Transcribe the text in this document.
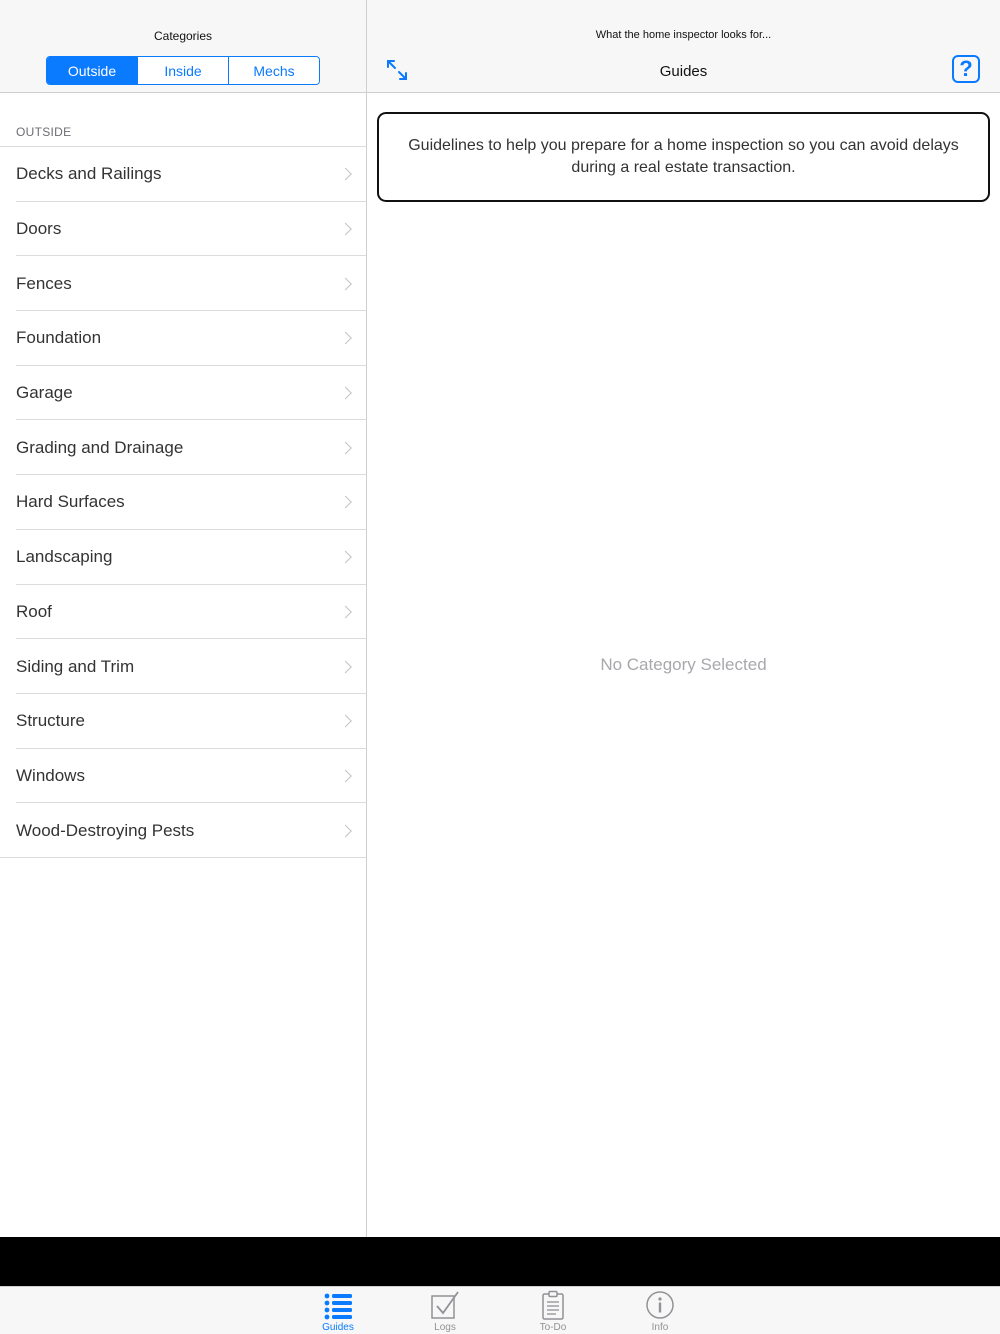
Categories
Outside	Inside	Mechs
OUTSIDE
Decks and Railings
Doors
Fences
Foundation
Garage
Grading and Drainage
Hard Surfaces
Landscaping
Roof
Siding and Trim
Structure
Windows
Wood-Destroying Pests
What the home inspector looks for...
Guides	?
Guidelines to help you prepare for a home inspection so you can avoid delays during a real estate transaction.
No Category Selected
Guides	Logs	To-Do	Info
